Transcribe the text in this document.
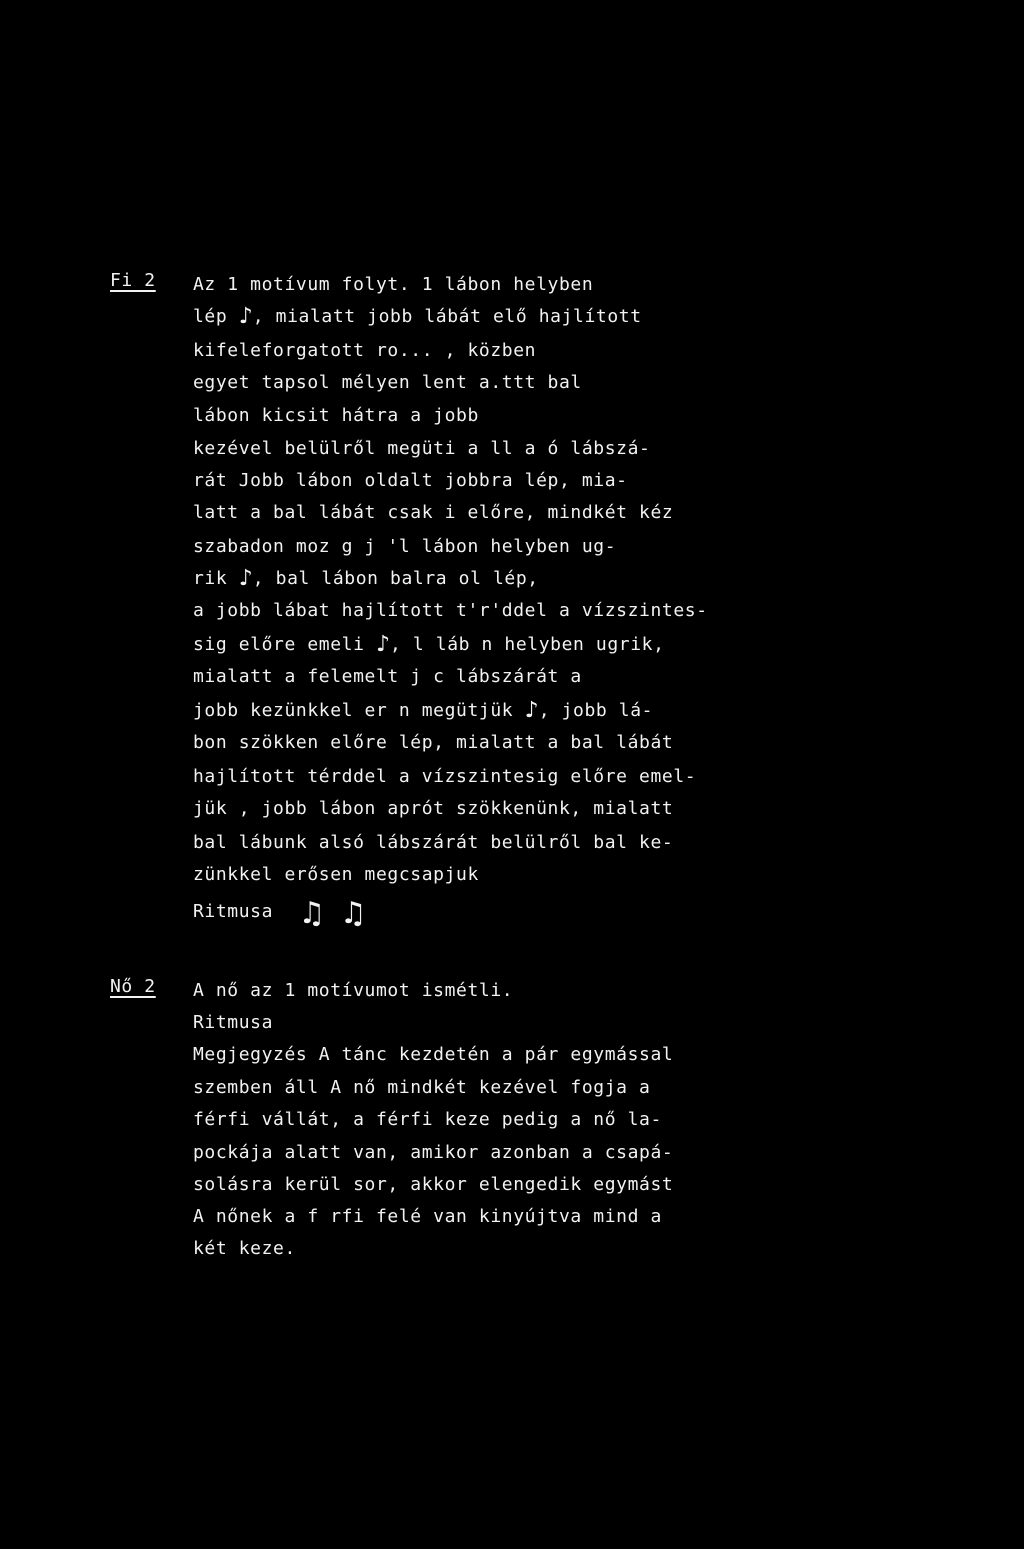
Fi 2	Az 1 motívum folyt. 1 lábon helyben
lép ♪, mialatt jobb lábát elő hajlított
kifeleforgatott ro... , közben
egyet tapsol mélyen lent a.ttt bal
lábon kicsit hátra a jobb
kezével belülről megüti a ll a ó lábszá-
rát Jobb lábon oldalt jobbra lép, mia-
latt a bal lábát csak i előre, mindkét kéz
szabadon moz g j 'l lábon helyben ug-
rik ♪, bal lábon balra ol lép,
a jobb lábat hajlított t'r'ddel a vízszintes-
sig előre emeli ♪, l láb n helyben ugrik,
mialatt a felemelt j c lábszárát a
jobb kezünkkel er n megütjük ♪, jobb lá-
bon szökken előre lép, mialatt a bal lábát
hajlított térddel a vízszintesig előre emel-
jük , jobb lábon aprót szökkenünk, mialatt
bal lábunk alsó lábszárát belülről bal ke-
zünkkel erősen megcsapjuk
Ritmusa ♫ ♫
Nő 2	A nő az 1 motívumot ismétli.
Ritmusa
Megjegyzés A tánc kezdetén a pár egymással
szemben áll A nő mindkét kezével fogja a
férfi vállát, a férfi keze pedig a nő la-
pockája alatt van, amikor azonban a csapá-
solásra kerül sor, akkor elengedik egymást
A nőnek a f rfi felé van kinyújtva mind a
két keze.
